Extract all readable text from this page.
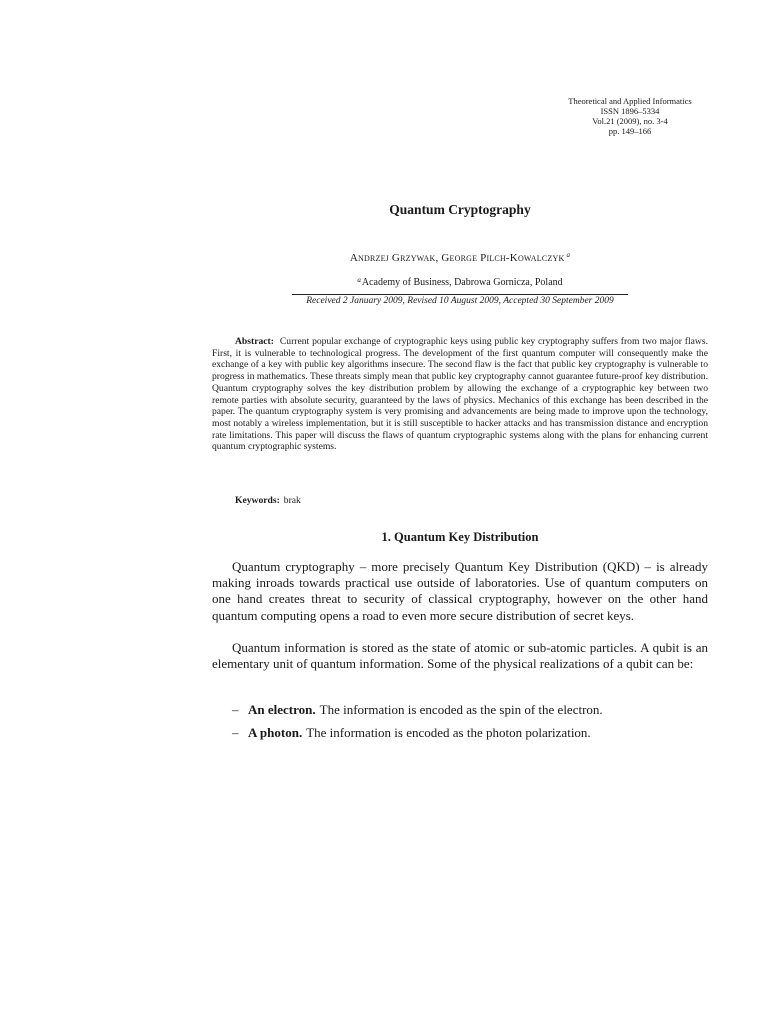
Theoretical and Applied Informatics
ISSN 1896–5334
Vol.21 (2009), no. 3-4
pp. 149–166
Quantum Cryptography
Andrzej Grzywak, George Pilch-Kowalczyk $^a$
$^a$Academy of Business, Dabrowa Gornicza, Poland
Received 2 January 2009, Revised 10 August 2009, Accepted 30 September 2009

Abstract: Current popular exchange of cryptographic keys using public key cryptography suffers from two major flaws. First, it is vulnerable to technological progress. The development of the first quantum computer will consequently make the exchange of a key with public key algorithms insecure. The second flaw is the fact that public key cryptography is vulnerable to progress in mathematics. These threats simply mean that public key cryptography cannot guarantee future-proof key distribution. Quantum cryptography solves the key distribution problem by allowing the exchange of a cryptographic key between two remote parties with absolute security, guaranteed by the laws of physics. Mechanics of this exchange has been described in the paper. The quantum cryptography system is very promising and advancements are being made to improve upon the technology, most notably a wireless implementation, but it is still susceptible to hacker attacks and has transmission distance and encryption rate limitations. This paper will discuss the flaws of quantum cryptographic systems along with the plans for enhancing current quantum cryptographic systems.

Keywords: brak
1. Quantum Key Distribution

Quantum cryptography – more precisely Quantum Key Distribution (QKD) – is already making inroads towards practical use outside of laboratories. Use of quantum computers on one hand creates threat to security of classical cryptography, however on the other hand quantum computing opens a road to even more secure distribution of secret keys.

Quantum information is stored as the state of atomic or sub-atomic particles. A qubit is an elementary unit of quantum information. Some of the physical realizations of a qubit can be:

– An electron. The information is encoded as the spin of the electron.
– A photon. The information is encoded as the photon polarization.
